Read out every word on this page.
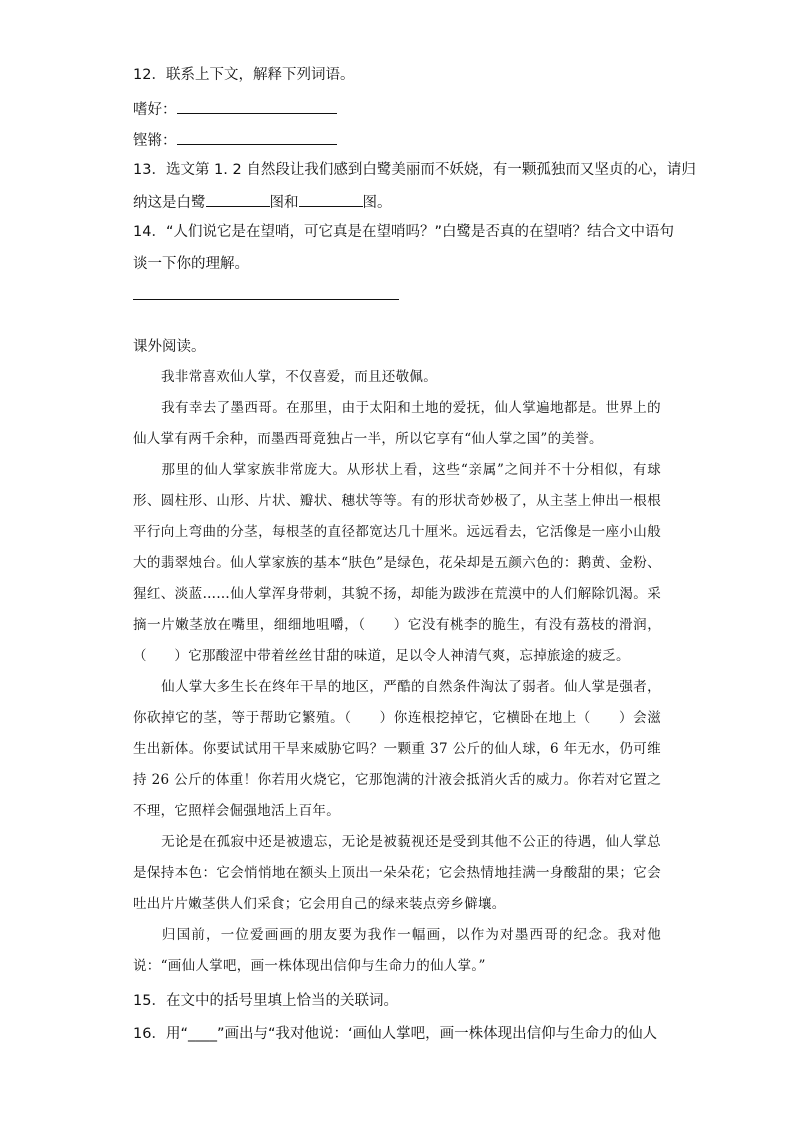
12．联系上下文，解释下列词语。
嗜好：
铿锵：
13．选文第 1. 2 自然段让我们感到白鹭美丽而不妖娆，有一颗孤独而又坚贞的心，请归
纳这是白鹭	图和	图。
14．“人们说它是在望哨，可它真是在望哨吗？”白鹭是否真的在望哨？结合文中语句
谈一下你的理解。
课外阅读。
我非常喜欢仙人掌，不仅喜爱，而且还敬佩。
我有幸去了墨西哥。在那里，由于太阳和土地的爱抚，仙人掌遍地都是。世界上的仙人掌有两千余种，而墨西哥竟独占一半，所以它享有“仙人掌之国”的美誉。
那里的仙人掌家族非常庞大。从形状上看，这些“亲属”之间并不十分相似，有球形、圆柱形、山形、片状、瓣状、穗状等等。有的形状奇妙极了，从主茎上伸出一根根平行向上弯曲的分茎，每根茎的直径都宽达几十厘米。远远看去，它活像是一座小山般大的翡翠烛台。仙人掌家族的基本“肤色”是绿色，花朵却是五颜六色的：鹅黄、金粉、猩红、淡蓝……仙人掌浑身带刺，其貌不扬，却能为跋涉在荒漠中的人们解除饥渴。采摘一片嫩茎放在嘴里，细细地咀嚼，（　　）它没有桃李的脆生，有没有荔枝的滑润，（　　）它那酸涩中带着丝丝甘甜的味道，足以令人神清气爽，忘掉旅途的疲乏。
仙人掌大多生长在终年干旱的地区，严酷的自然条件淘汰了弱者。仙人掌是强者，你砍掉它的茎，等于帮助它繁殖。（　　）你连根挖掉它，它横卧在地上（　　）会滋生出新体。你要试试用干旱来威胁它吗？一颗重 37 公斤的仙人球，6 年无水，仍可维持 26 公斤的体重！你若用火烧它，它那饱满的汁液会抵消火舌的威力。你若对它置之不理，它照样会倔强地活上百年。
无论是在孤寂中还是被遗忘，无论是被藐视还是受到其他不公正的待遇，仙人掌总是保持本色：它会悄悄地在额头上顶出一朵朵花；它会热情地挂满一身酸甜的果；它会吐出片片嫩茎供人们采食；它会用自己的绿来装点旁乡僻壤。
归国前，一位爱画画的朋友要为我作一幅画，以作为对墨西哥的纪念。我对他说：“画仙人掌吧，画一株体现出信仰与生命力的仙人掌。”
15．在文中的括号里填上恰当的关联词。
16．用“____”画出与“我对他说：‘画仙人掌吧，画一株体现出信仰与生命力的仙人
